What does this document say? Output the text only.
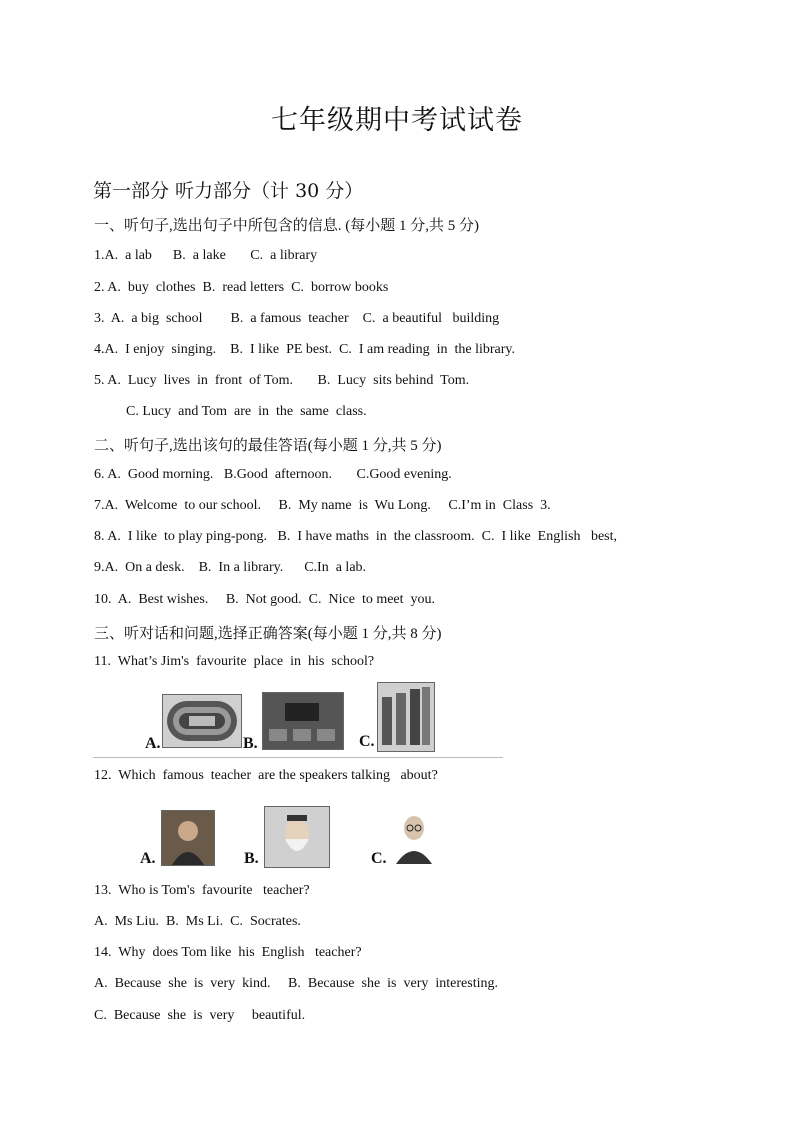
七年级期中考试试卷
第一部分 听力部分（计 30 分）
一、听句子,选出句子中所包含的信息. (每小题 1 分,共 5 分)
1.A.  a lab      B.  a lake       C.  a library
2. A.  buy  clothes  B.  read letters  C.  borrow books
3.  A.  a big  school        B.  a famous  teacher    C.  a beautiful   building
4.A.  I enjoy  singing.    B.  I like  PE best.  C.  I am reading  in  the library.
5. A.  Lucy  lives  in  front  of Tom.       B.  Lucy  sits behind  Tom.
C. Lucy  and Tom  are  in  the  same  class.
二、听句子,选出该句的最佳答语(每小题 1 分,共 5 分)
6. A.  Good morning.   B.Good  afternoon.       C.Good evening.
7.A.  Welcome  to our school.     B.  My name  is  Wu Long.     C.I’m in  Class  3.
8. A.  I like  to play ping-pong.   B.  I have maths  in  the classroom.  C.  I like  English   best,
9.A.  On a desk.    B.  In a library.      C.In  a lab.
10.  A.  Best wishes.     B.  Not good.  C.  Nice  to meet  you.
三、听对话和问题,选择正确答案(每小题 1 分,共 8 分)
11.  What’s Jim's  favourite  place  in  his  school?
A.	B.	C.
12.  Which  famous  teacher  are the speakers talking   about?
A.	B.	C.
13.  Who is Tom's  favourite   teacher?
A.  Ms Liu.  B.  Ms Li.  C.  Socrates.
14.  Why  does Tom like  his  English   teacher?
A.  Because  she  is  very  kind.     B.  Because  she  is  very  interesting.
C.  Because  she  is  very     beautiful.
